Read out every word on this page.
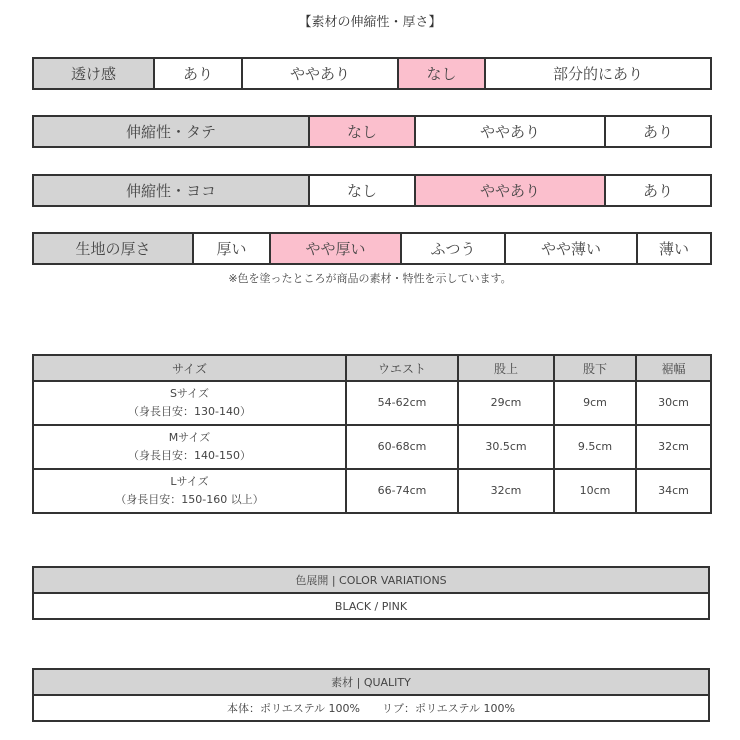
【素材の伸縮性・厚さ】
透け感	あり	ややあり	なし	部分的にあり
伸縮性・タテ	なし	ややあり	あり
伸縮性・ヨコ	なし	ややあり	あり
生地の厚さ	厚い	やや厚い	ふつう	やや薄い	薄い
※色を塗ったところが商品の素材・特性を示しています。
サイズ	ウエスト	股上	股下	裾幅
Sサイズ
（身長目安：130-140）	54-62cm	29cm	9cm	30cm
Mサイズ
（身長目安：140-150）	60-68cm	30.5cm	9.5cm	32cm
Lサイズ
（身長目安：150-160 以上）	66-74cm	32cm	10cm	34cm
色展開 | COLOR VARIATIONS
BLACK / PINK
素材 | QUALITY
本体：ポリエステル 100% リブ：ポリエステル 100%
